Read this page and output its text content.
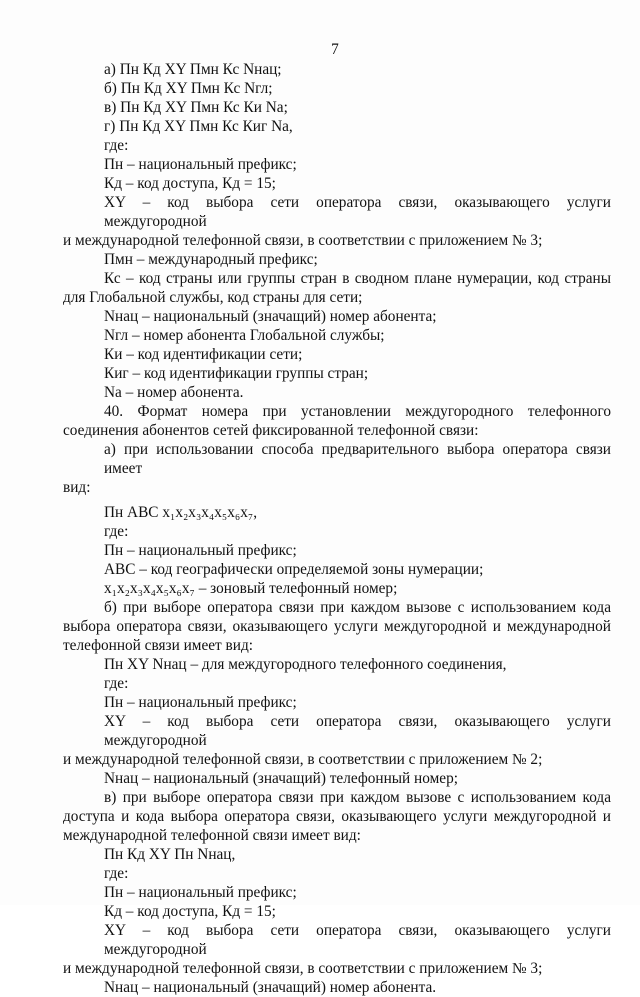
7
а) Пн Кд ХY Пмн Кс Nнац;
б) Пн Кд ХY Пмн Кс Nгл;
в) Пн Кд ХY Пмн Кс Ки Nа;
г) Пн Кд ХY Пмн Кс Киг Nа,
где:
Пн – национальный префикс;
Кд – код доступа, Кд = 15;
ХY – код выбора сети оператора связи, оказывающего услуги междугородной
и международной телефонной связи, в соответствии с приложением № 3;
Пмн – международный префикс;
Кс – код страны или группы стран в сводном плане нумерации, код страны
для Глобальной службы, код страны для сети;
Nнац – национальный (значащий) номер абонента;
Nгл – номер абонента Глобальной службы;
Ки – код идентификации сети;
Киг – код идентификации группы стран;
Nа – номер абонента.
40. Формат номера при установлении междугородного телефонного
соединения абонентов сетей фиксированной телефонной связи:
а) при использовании способа предварительного выбора оператора связи имеет
вид:
Пн АВС x₁x₂x₃x₄x₅x₆x₇,
где:
Пн – национальный префикс;
АВС – код географически определяемой зоны нумерации;
x₁x₂x₃x₄x₅x₆x₇ – зоновый телефонный номер;
б) при выборе оператора связи при каждом вызове с использованием кода
выбора оператора связи, оказывающего услуги междугородной и международной
телефонной связи имеет вид:
Пн ХY Nнац – для междугородного телефонного соединения,
где:
Пн – национальный префикс;
ХY – код выбора сети оператора связи, оказывающего услуги междугородной
и международной телефонной связи, в соответствии с приложением № 2;
Nнац – национальный (значащий) телефонный номер;
в) при выборе оператора связи при каждом вызове с использованием кода
доступа и кода выбора оператора связи, оказывающего услуги междугородной и
международной телефонной связи имеет вид:
Пн Кд ХY Пн Nнац,
где:
Пн – национальный префикс;
Кд – код доступа, Кд = 15;
ХY – код выбора сети оператора связи, оказывающего услуги междугородной
и международной телефонной связи, в соответствии с приложением № 3;
Nнац – национальный (значащий) номер абонента.
